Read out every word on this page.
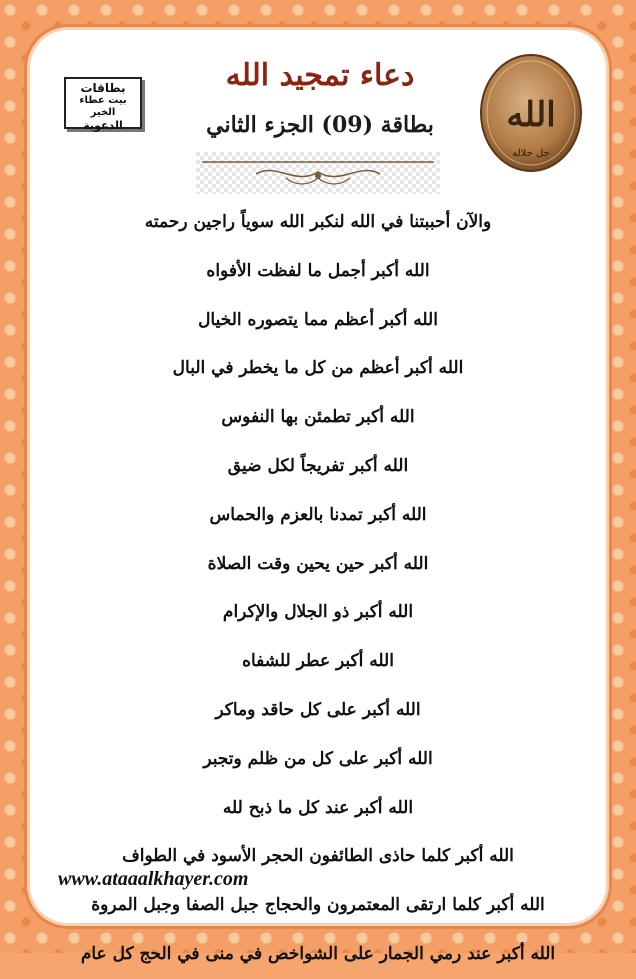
بطاقات
بيت عطاء الخير
الدعوية
دعاء تمجيد الله
بطاقة (09) الجزء الثاني	الله
جل جلاله
والآن أحببتنا في الله لنكبر الله سوياً راجين رحمته
الله أكبر أجمل ما لفظت الأفواه
الله أكبر أعظم مما يتصوره الخيال
الله أكبر أعظم من كل ما يخطر في البال
الله أكبر تطمئن بها النفوس
الله أكبر تفريجاً لكل ضيق
الله أكبر تمدنا بالعزم والحماس
الله أكبر حين يحين وقت الصلاة
الله أكبر ذو الجلال والإكرام
الله أكبر عطر للشفاه
الله أكبر على كل حاقد وماكر
الله أكبر على كل من ظلم وتجبر
الله أكبر عند كل ما ذبح لله
الله أكبر كلما حاذى الطائفون الحجر الأسود في الطواف
الله أكبر كلما ارتقى المعتمرون والحجاج جبل الصفا وجبل المروة
الله أكبر عند رمي الجمار على الشواخص في منى في الحج كل عام
www.ataaalkhayer.com
